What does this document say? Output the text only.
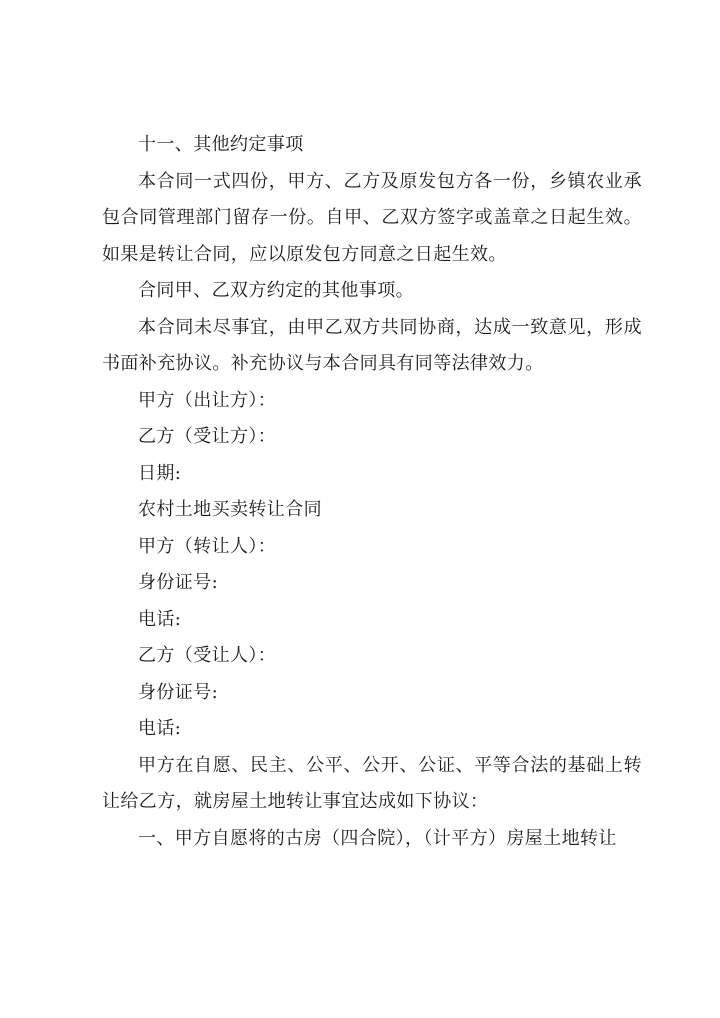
十一、其他约定事项

本合同一式四份，甲方、乙方及原发包方各一份，乡镇农业承包合同管理部门留存一份。自甲、乙双方签字或盖章之日起生效。如果是转让合同，应以原发包方同意之日起生效。

合同甲、乙双方约定的其他事项。

本合同未尽事宜，由甲乙双方共同协商，达成一致意见，形成书面补充协议。补充协议与本合同具有同等法律效力。

甲方（出让方）：

乙方（受让方）：

日期:

农村土地买卖转让合同

甲方（转让人）：

身份证号:

电话:

乙方（受让人）：

身份证号:

电话:

甲方在自愿、民主、公平、公开、公证、平等合法的基础上转让给乙方，就房屋土地转让事宜达成如下协议：

一、甲方自愿将的古房（四合院），（计平方）房屋土地转让
